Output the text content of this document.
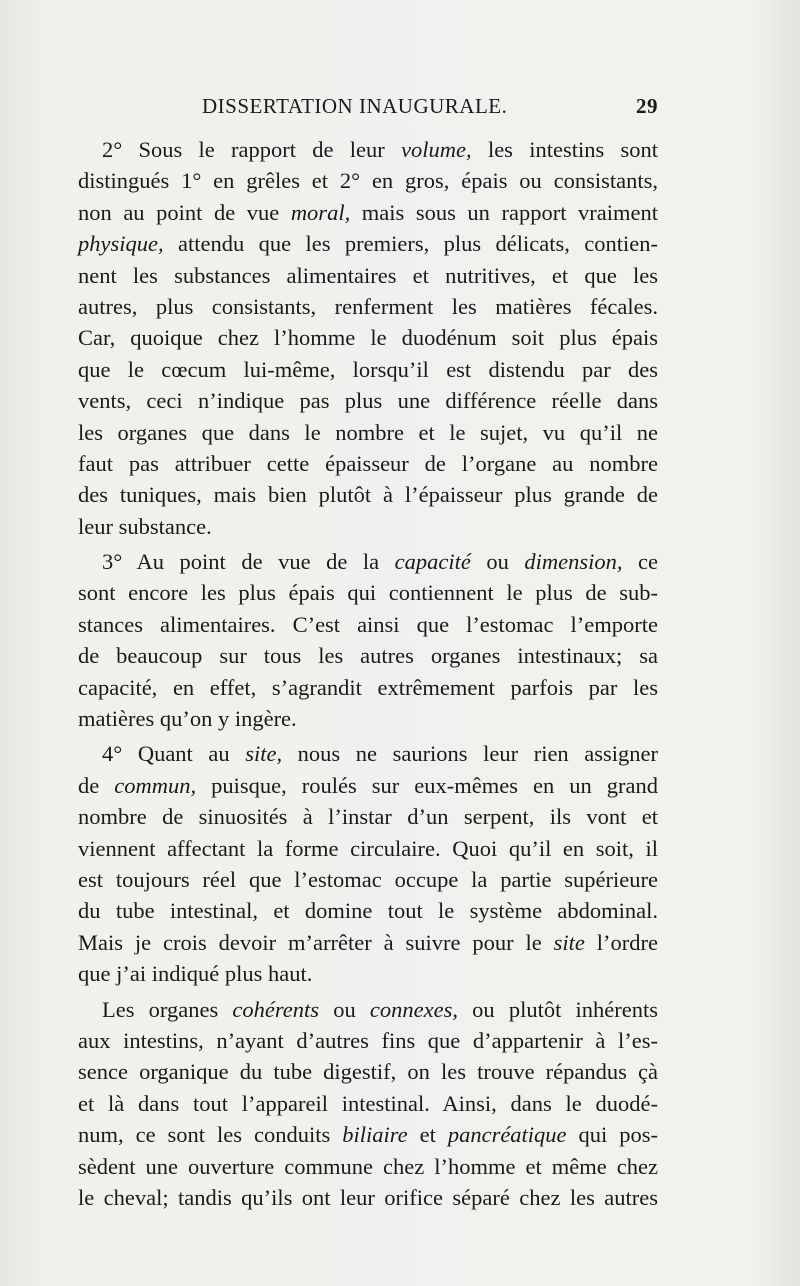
DISSERTATION INAUGURALE.	29
2° Sous le rapport de leur volume, les intestins sont
distingués 1° en grêles et 2° en gros, épais ou consistants,
non au point de vue moral, mais sous un rapport vraiment
physique, attendu que les premiers, plus délicats, contien-
nent les substances alimentaires et nutritives, et que les
autres, plus consistants, renferment les matières fécales.
Car, quoique chez l’homme le duodénum soit plus épais
que le cœcum lui-même, lorsqu’il est distendu par des
vents, ceci n’indique pas plus une différence réelle dans
les organes que dans le nombre et le sujet, vu qu’il ne
faut pas attribuer cette épaisseur de l’organe au nombre
des tuniques, mais bien plutôt à l’épaisseur plus grande de
leur substance.
3° Au point de vue de la capacité ou dimension, ce
sont encore les plus épais qui contiennent le plus de sub-
stances alimentaires. C’est ainsi que l’estomac l’emporte
de beaucoup sur tous les autres organes intestinaux; sa
capacité, en effet, s’agrandit extrêmement parfois par les
matières qu’on y ingère.
4° Quant au site, nous ne saurions leur rien assigner
de commun, puisque, roulés sur eux-mêmes en un grand
nombre de sinuosités à l’instar d’un serpent, ils vont et
viennent affectant la forme circulaire. Quoi qu’il en soit, il
est toujours réel que l’estomac occupe la partie supérieure
du tube intestinal, et domine tout le système abdominal.
Mais je crois devoir m’arrêter à suivre pour le site l’ordre
que j’ai indiqué plus haut.
Les organes cohérents ou connexes, ou plutôt inhérents
aux intestins, n’ayant d’autres fins que d’appartenir à l’es-
sence organique du tube digestif, on les trouve répandus çà
et là dans tout l’appareil intestinal. Ainsi, dans le duodé-
num, ce sont les conduits biliaire et pancréatique qui pos-
sèdent une ouverture commune chez l’homme et même chez
le cheval; tandis qu’ils ont leur orifice séparé chez les autres
